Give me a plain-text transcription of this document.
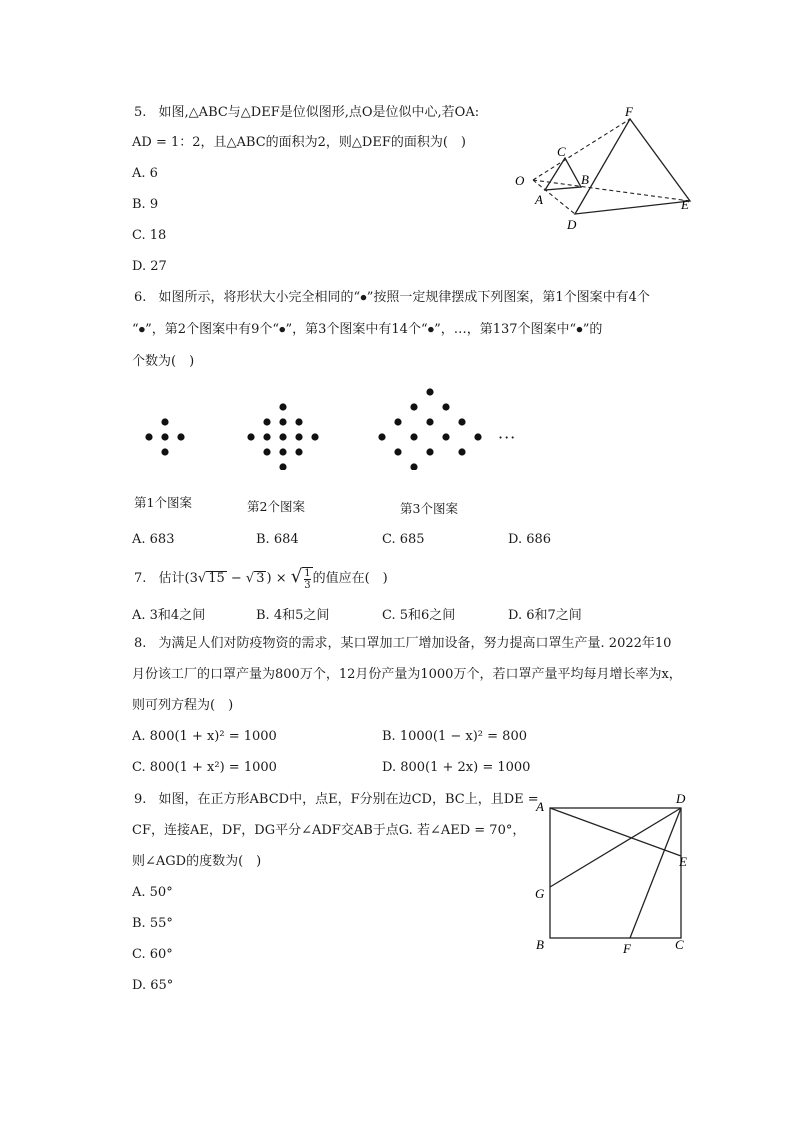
5. 如图,△ABC与△DEF是位似图形,点O是位似中心,若OA:
AD = 1：2，且△ABC的面积为2，则△DEF的面积为(　)
A. 6
B. 9
C. 18
D. 27
F
C
O	B
A	E
D
6. 如图所示，将形状大小完全相同的“⦁”按照一定规律摆成下列图案，第1个图案中有4个
“⦁”，第2个图案中有9个“⦁”，第3个图案中有14个“⦁”，…，第137个图案中“⦁”的
个数为(　)
···
第1个图案	第2个图案	第3个图案
A. 683	B. 684	C. 685	D. 686
7. 估计(3√ 15 − √ 3 ) × √ $\frac{1}{3}$ 的值应在(　)
A. 3和4之间	B. 4和5之间	C. 5和6之间	D. 6和7之间
8. 为满足人们对防疫物资的需求，某口罩加工厂增加设备，努力提高口罩生产量. 2022年10
月份该工厂的口罩产量为800万个，12月份产量为1000万个，若口罩产量平均每月增长率为x，
则可列方程为(　)
A. 800(1 + x)² = 1000	B. 1000(1 − x)² = 800
C. 800(1 + x²) = 1000	D. 800(1 + 2x) = 1000
9. 如图，在正方形ABCD中，点E，F分别在边CD，BC上，且DE =
CF，连接AE，DF，DG平分∠ADF交AB于点G. 若∠AED = 70°，
则∠AGD的度数为(　)
A. 50°
B. 55°
C. 60°
D. 65°
A
D
E
G
B	F	C
